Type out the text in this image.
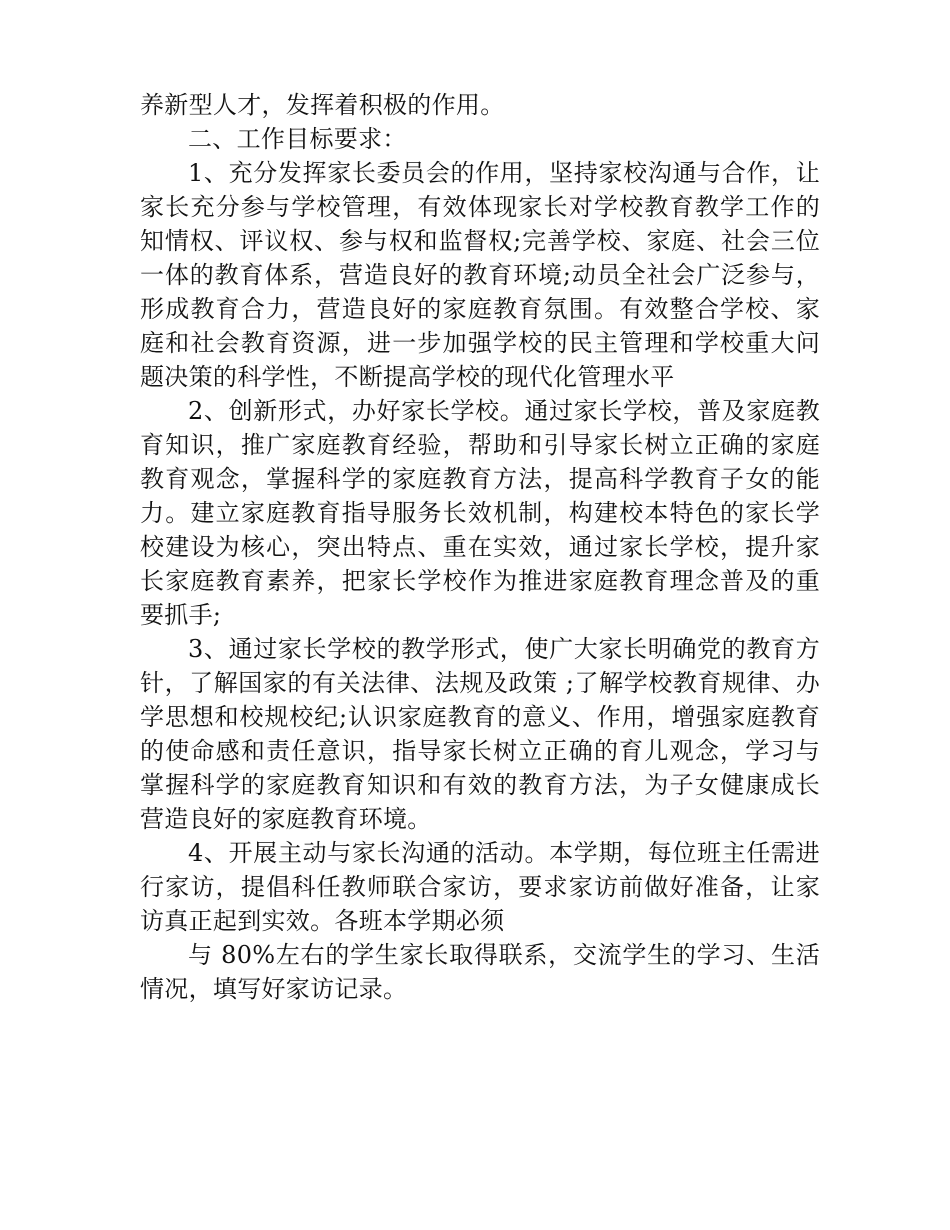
养新型人才，发挥着积极的作用。

二、工作目标要求：

1、充分发挥家长委员会的作用，坚持家校沟通与合作，让家长充分参与学校管理，有效体现家长对学校教育教学工作的知情权、评议权、参与权和监督权;完善学校、家庭、社会三位一体的教育体系，营造良好的教育环境;动员全社会广泛参与，形成教育合力，营造良好的家庭教育氛围。有效整合学校、家庭和社会教育资源，进一步加强学校的民主管理和学校重大问题决策的科学性，不断提高学校的现代化管理水平

2、创新形式，办好家长学校。通过家长学校，普及家庭教育知识，推广家庭教育经验，帮助和引导家长树立正确的家庭教育观念，掌握科学的家庭教育方法，提高科学教育子女的能力。建立家庭教育指导服务长效机制，构建校本特色的家长学校建设为核心，突出特点、重在实效，通过家长学校，提升家长家庭教育素养，把家长学校作为推进家庭教育理念普及的重要抓手;

3、通过家长学校的教学形式，使广大家长明确党的教育方针，了解国家的有关法律、法规及政策 ;了解学校教育规律、办学思想和校规校纪;认识家庭教育的意义、作用，增强家庭教育的使命感和责任意识，指导家长树立正确的育儿观念，学习与掌握科学的家庭教育知识和有效的教育方法，为子女健康成长营造良好的家庭教育环境。

4、开展主动与家长沟通的活动。本学期，每位班主任需进行家访，提倡科任教师联合家访，要求家访前做好准备，让家访真正起到实效。各班本学期必须

与 80%左右的学生家长取得联系，交流学生的学习、生活情况，填写好家访记录。
